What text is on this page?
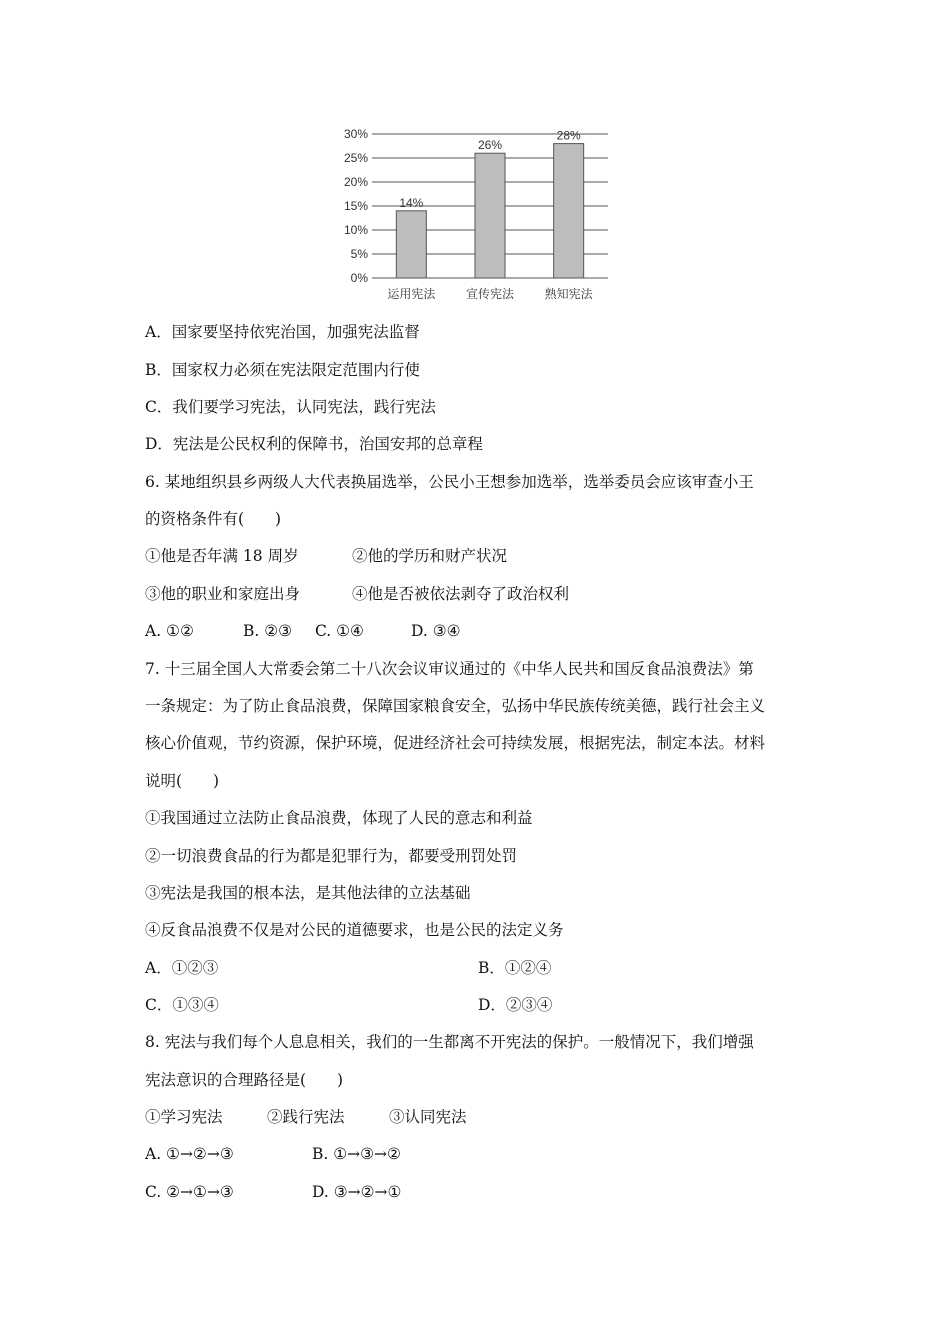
0%
5%
10%
15%
20%
25%
30%
14%
运用宪法
26%
宣传宪法
28%
熟知宪法
A．国家要坚持依宪治国，加强宪法监督
B．国家权力必须在宪法限定范围内行使
C．我们要学习宪法，认同宪法，践行宪法
D．宪法是公民权利的保障书，治国安邦的总章程
6. 某地组织县乡两级人大代表换届选举，公民小王想参加选举，选举委员会应该审查小王
的资格条件有(　　)
①他是否年满 18 周岁	②他的学历和财产状况
③他的职业和家庭出身	④他是否被依法剥夺了政治权利
A. ①②	B. ②③ C. ①④	D. ③④
7. 十三届全国人大常委会第二十八次会议审议通过的《中华人民共和国反食品浪费法》第
一条规定：为了防止食品浪费，保障国家粮食安全，弘扬中华民族传统美德，践行社会主义
核心价值观，节约资源，保护环境，促进经济社会可持续发展，根据宪法，制定本法。材料
说明(　　)
①我国通过立法防止食品浪费，体现了人民的意志和利益
②一切浪费食品的行为都是犯罪行为，都要受刑罚处罚
③宪法是我国的根本法，是其他法律的立法基础
④反食品浪费不仅是对公民的道德要求，也是公民的法定义务
A．①②③	B．①②④
C．①③④	D．②③④
8. 宪法与我们每个人息息相关，我们的一生都离不开宪法的保护。一般情况下，我们增强
宪法意识的合理路径是(　　)
①学习宪法	②践行宪法	③认同宪法
A. ①→②→③	B. ①→③→②
C. ②→①→③	D. ③→②→①
